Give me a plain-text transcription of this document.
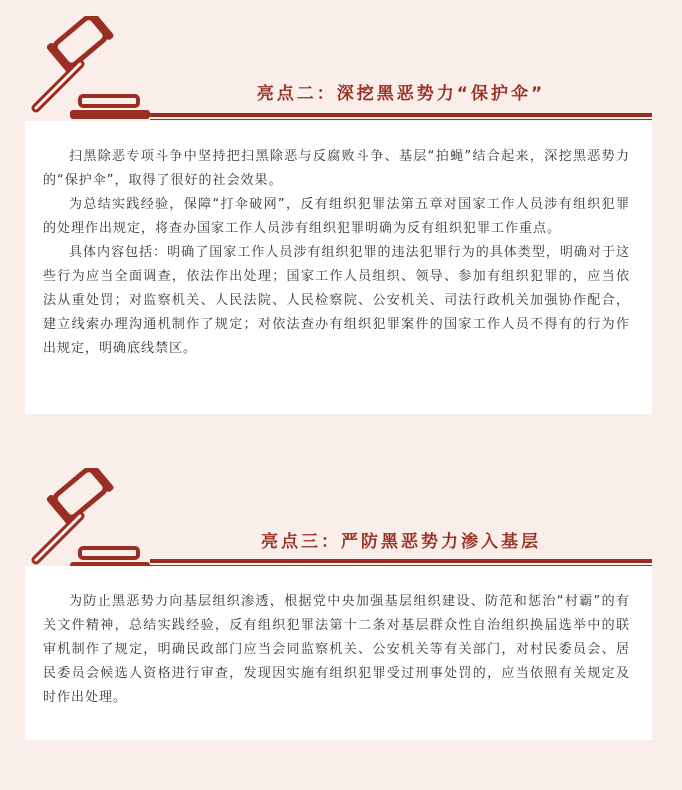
亮点二：深挖黑恶势力“保护伞”

扫黑除恶专项斗争中坚持把扫黑除恶与反腐败斗争、基层“拍蝇”结合起来，深挖黑恶势力的“保护伞”，取得了很好的社会效果。

为总结实践经验，保障“打伞破网”，反有组织犯罪法第五章对国家工作人员涉有组织犯罪的处理作出规定，将查办国家工作人员涉有组织犯罪明确为反有组织犯罪工作重点。

具体内容包括：明确了国家工作人员涉有组织犯罪的违法犯罪行为的具体类型，明确对于这些行为应当全面调查，依法作出处理；国家工作人员组织、领导、参加有组织犯罪的，应当依法从重处罚；对监察机关、人民法院、人民检察院、公安机关、司法行政机关加强协作配合，建立线索办理沟通机制作了规定；对依法查办有组织犯罪案件的国家工作人员不得有的行为作出规定，明确底线禁区。

亮点三：严防黑恶势力渗入基层

为防止黑恶势力向基层组织渗透，根据党中央加强基层组织建设、防范和惩治“村霸”的有关文件精神，总结实践经验，反有组织犯罪法第十二条对基层群众性自治组织换届选举中的联审机制作了规定，明确民政部门应当会同监察机关、公安机关等有关部门，对村民委员会、居民委员会候选人资格进行审查，发现因实施有组织犯罪受过刑事处罚的，应当依照有关规定及时作出处理。
